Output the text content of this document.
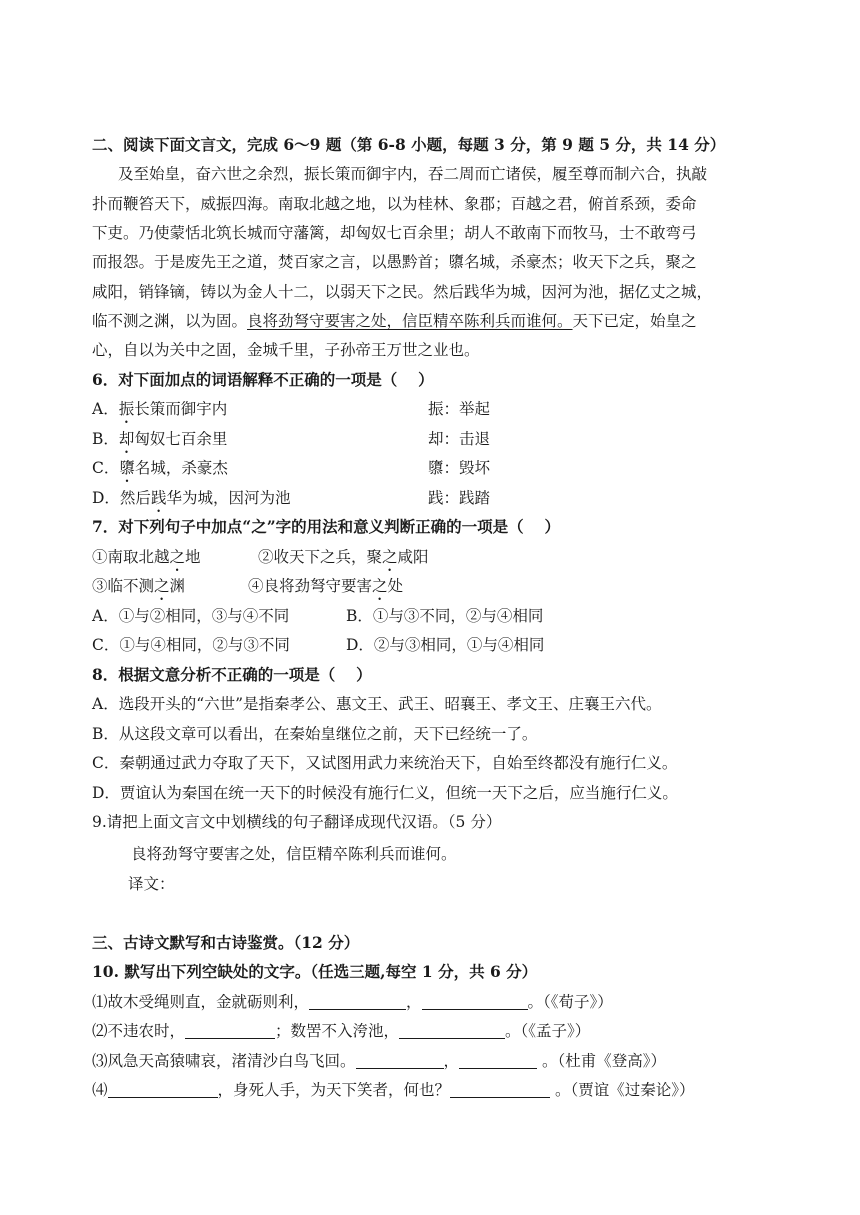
二、阅读下面文言文，完成 6～9 题（第 6-8 小题，每题 3 分，第 9 题 5 分，共 14 分）
及至始皇，奋六世之余烈，振长策而御宇内，吞二周而亡诸侯，履至尊而制六合，执敲
扑而鞭笞天下，威振四海。南取北越之地，以为桂林、象郡；百越之君，俯首系颈，委命
下吏。乃使蒙恬北筑长城而守藩篱，却匈奴七百余里；胡人不敢南下而牧马，士不敢弯弓
而报怨。于是废先王之道，焚百家之言，以愚黔首；隳名城，杀豪杰；收天下之兵，聚之
咸阳，销锋镝，铸以为金人十二，以弱天下之民。然后践华为城，因河为池，据亿丈之城，
临不测之渊，以为固。良将劲弩守要害之处，信臣精卒陈利兵而谁何。天下已定，始皇之
心，自以为关中之固，金城千里，子孙帝王万世之业也。
6．对下面加点的词语解释不正确的一项是（　 ）
A．振长策而御宇内	振：举起
B．却匈奴七百余里	却：击退
C．隳名城，杀豪杰	隳：毁坏
D．然后践华为城，因河为池	践：践踏
7．对下列句子中加点“之”字的用法和意义判断正确的一项是（　 ）
①南取北越之地	②收天下之兵，聚之咸阳
③临不测之渊	④良将劲弩守要害之处
A．①与②相同，③与④不同	B．①与③不同，②与④相同
C．①与④相同，②与③不同	D．②与③相同，①与④相同
8．根据文意分析不正确的一项是（　 ）
A．选段开头的“六世”是指秦孝公、惠文王、武王、昭襄王、孝文王、庄襄王六代。
B．从这段文章可以看出，在秦始皇继位之前，天下已经统一了。
C．秦朝通过武力夺取了天下，又试图用武力来统治天下，自始至终都没有施行仁义。
D．贾谊认为秦国在统一天下的时候没有施行仁义，但统一天下之后，应当施行仁义。
9.请把上面文言文中划横线的句子翻译成现代汉语。（5 分）
良将劲弩守要害之处，信臣精卒陈利兵而谁何。
译文：
三、古诗文默写和古诗鉴赏。（12 分）
10. 默写出下列空缺处的文字。（任选三题,每空 1 分，共 6 分）
⑴故木受绳则直，金就砺则利，	，	。（《荀子》）
⑵不违农时，	；数罟不入洿池，	。（《孟子》）
⑶风急天高猿啸哀，渚清沙白鸟飞回。	，	。（杜甫《登高》）
⑷	，身死人手，为天下笑者，何也？	。（贾谊《过秦论》）
